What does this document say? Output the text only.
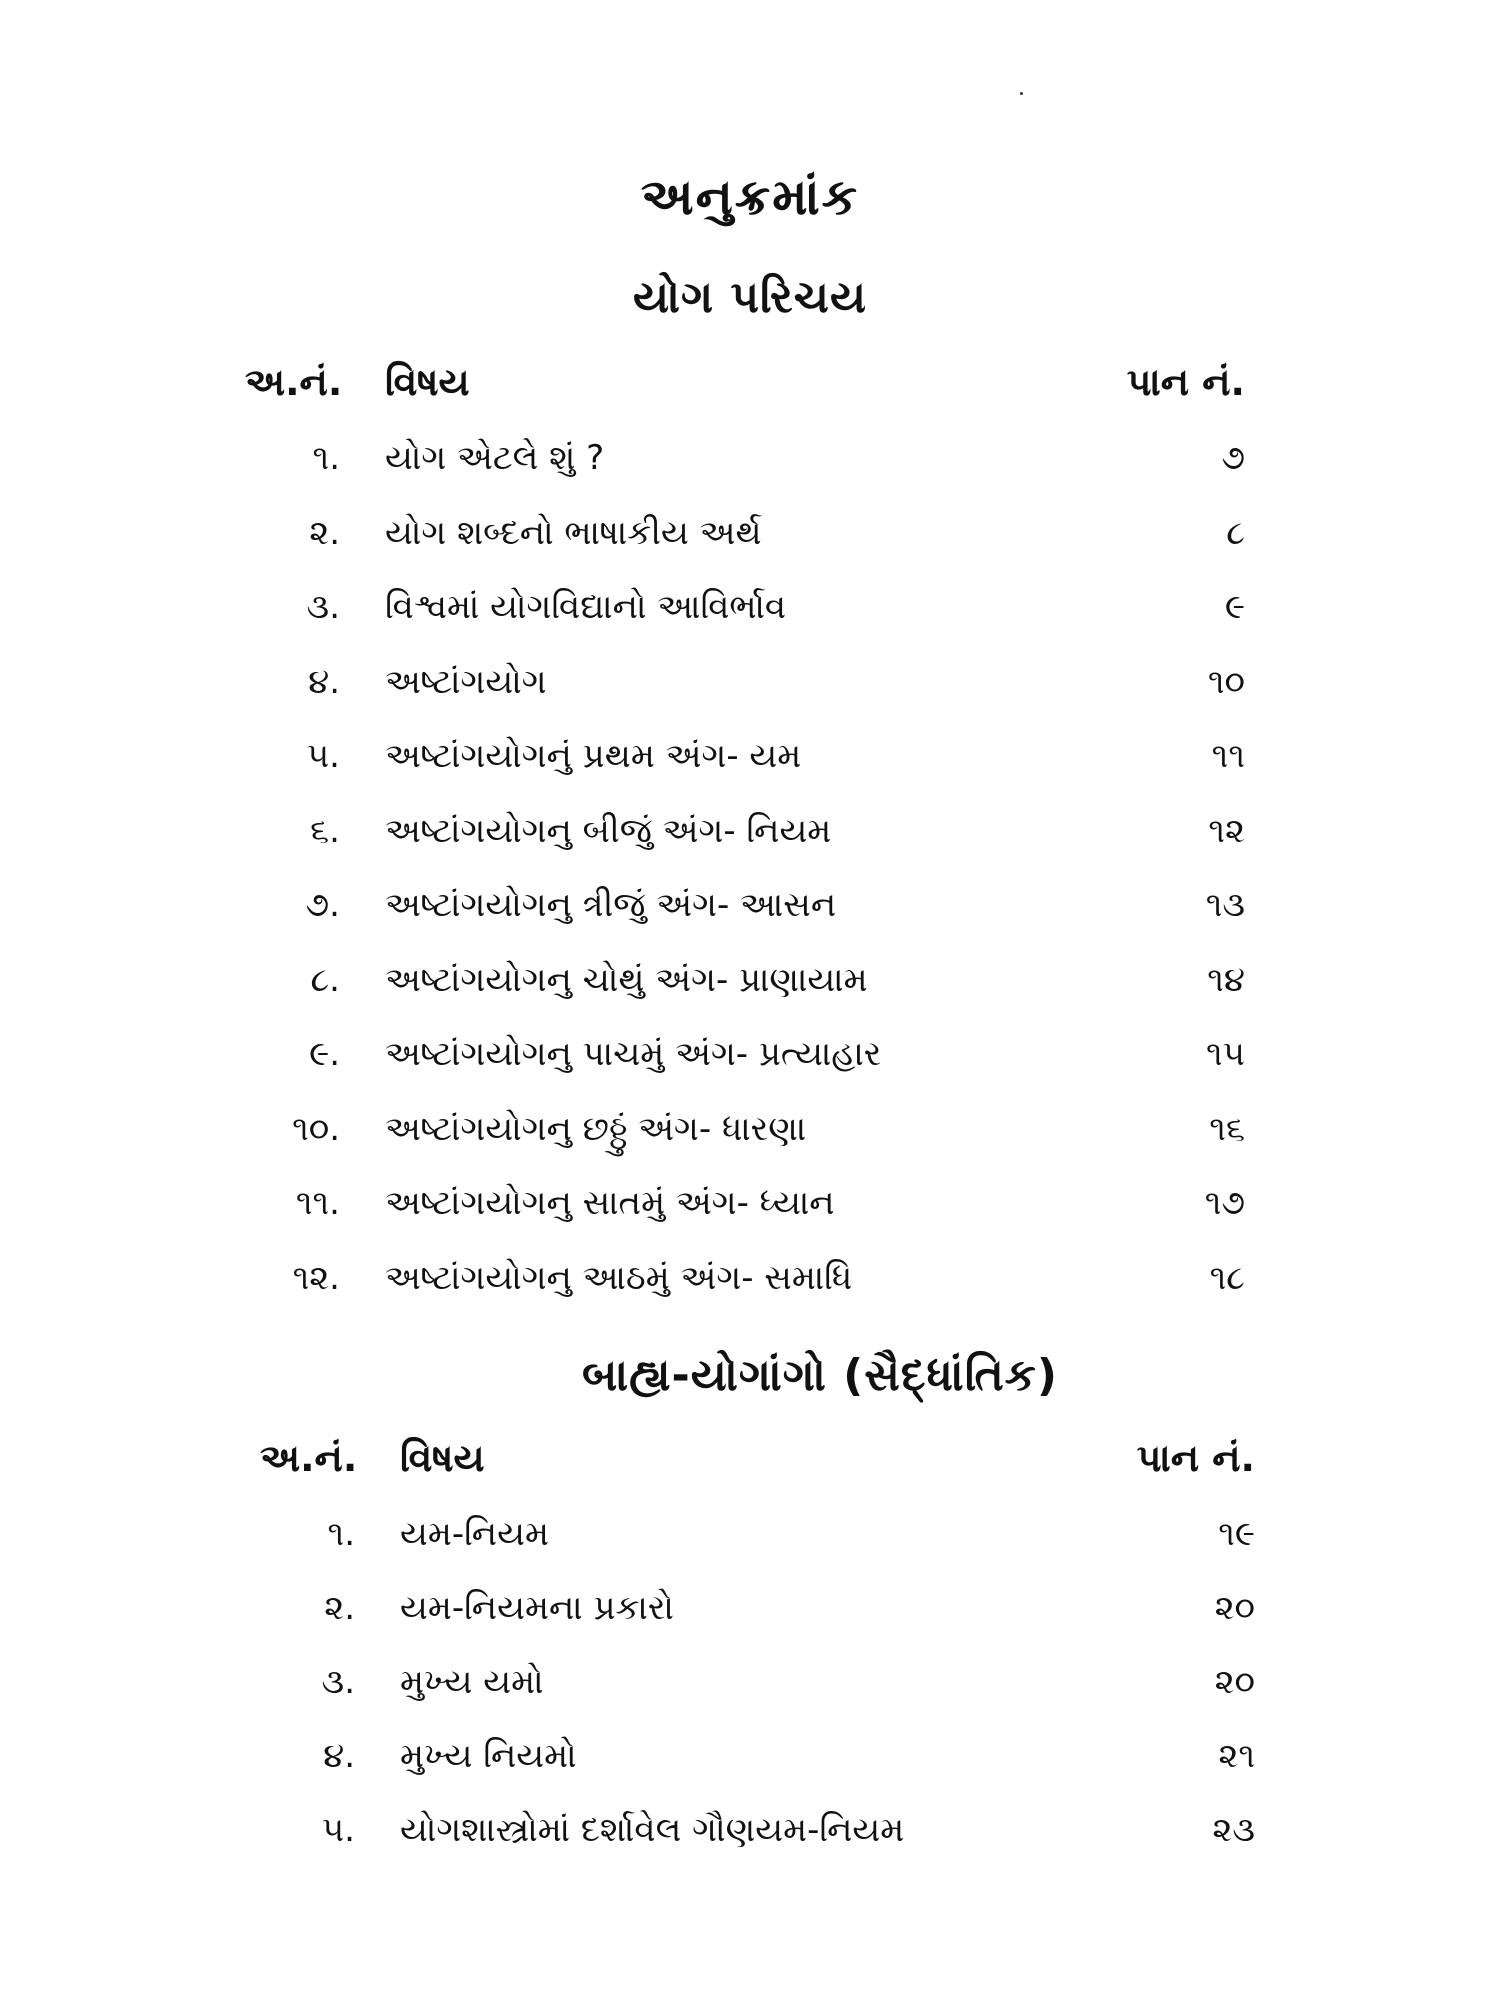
અનુક્રમાંક
યોગ પરિચય
અ.નં. વિષય	પાન નં.
૧. યોગ એટલે શું ?	૭
૨. યોગ શબ્દનો ભાષાકીય અર્થ	૮
૩. વિશ્વમાં યોગવિદ્યાનો આવિર્ભાવ	૯
૪. અષ્ટાંગયોગ	૧૦
૫. અષ્ટાંગયોગનું પ્રથમ અંગ- યમ	૧૧
૬. અષ્ટાંગયોગનુ બીજું અંગ- નિયમ	૧૨
૭. અષ્ટાંગયોગનુ ત્રીજું અંગ- આસન	૧૩
૮. અષ્ટાંગયોગનુ ચોથું અંગ- પ્રાણાયામ	૧૪
૯. અષ્ટાંગયોગનુ પાચમું અંગ- પ્રત્યાહાર	૧૫
૧૦. અષ્ટાંગયોગનુ છઠ્ઠું અંગ- ધારણા	૧૬
૧૧. અષ્ટાંગયોગનુ સાતમું અંગ- ધ્યાન	૧૭
૧૨. અષ્ટાંગયોગનુ આઠમું અંગ- સમાધિ	૧૮
બાહ્ય-યોગાંગો (સૈદ્ધાંતિક)
અ.નં. વિષય	પાન નં.
૧. યમ-નિયમ	૧૯
૨. યમ-નિયમના પ્રકારો	૨૦
૩. મુખ્ય યમો	૨૦
૪. મુખ્ય નિયમો	૨૧
૫. યોગશાસ્ત્રોમાં દર્શાવેલ ગૌણયમ-નિયમ	૨૩
